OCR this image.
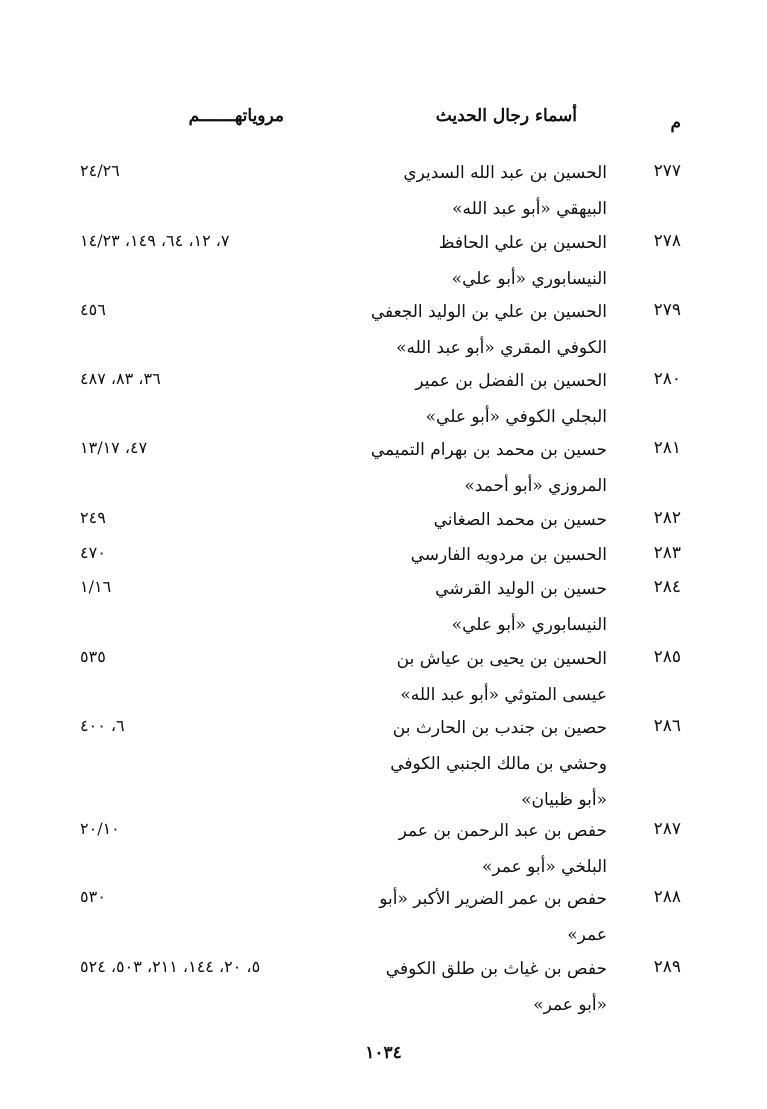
م
أسماء رجال الحديث
مروياتهـــــــم
٢٧٧
الحسين بن عبد الله السديري
البيهقي «أبو عبد الله»
٢٤/٢٦
٢٧٨
الحسين بن علي الحافظ
النيسابوري «أبو علي»
٧، ١٢، ٦٤، ١٤٩، ١٤/٢٣
٢٧٩
الحسين بن علي بن الوليد الجعفي
الكوفي المقري «أبو عبد الله»
٤٥٦
٢٨٠
الحسين بن الفضل بن عمير
البجلي الكوفي «أبو علي»
٣٦، ٨٣، ٤٨٧
٢٨١
حسين بن محمد بن بهرام التميمي
المروزي «أبو أحمد»
٤٧، ١٣/١٧
٢٨٢
حسين بن محمد الصغاني
٢٤٩
٢٨٣
الحسين بن مردويه الفارسي
٤٧٠
٢٨٤
حسين بن الوليد القرشي
النيسابوري «أبو علي»
١/١٦
٢٨٥
الحسين بن يحيى بن عياش بن
عيسى المتوثي «أبو عبد الله»
٥٣٥
٢٨٦
حصين بن جندب بن الحارث بن
وحشي بن مالك الجنبي الكوفي
«أبو ظبيان»
٦، ٤٠٠
٢٨٧
حفص بن عبد الرحمن بن عمر
البلخي «أبو عمر»
٢٠/١٠
٢٨٨
حفص بن عمر الضرير الأكبر «أبو
عمر»
٥٣٠
٢٨٩
حفص بن غياث بن طلق الكوفي
«أبو عمر»
٥، ٢٠، ١٤٤، ٢١١، ٥٠٣، ٥٢٤
١٠٣٤
